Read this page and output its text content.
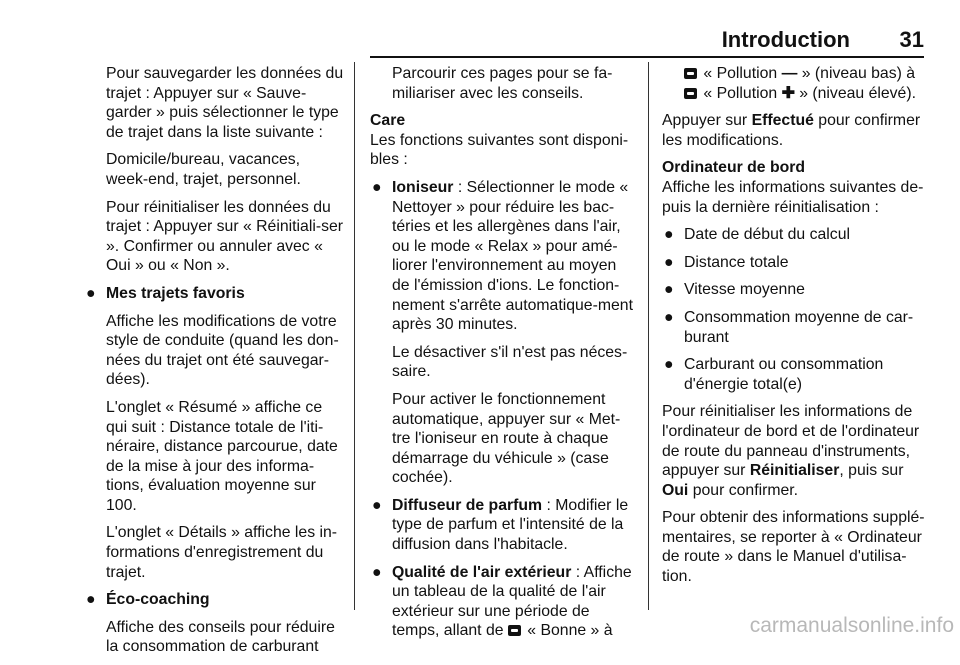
Introduction 31

Pour sauvegarder les données du trajet : Appuyer sur « Sauve-garder » puis sélectionner le type de trajet dans la liste suivante :

Domicile/bureau, vacances, week-end, trajet, personnel.

Pour réinitialiser les données du trajet : Appuyer sur « Réinitiali-ser ». Confirmer ou annuler avec « Oui » ou « Non ».

● Mes trajets favoris

Affiche les modifications de votre style de conduite (quand les don-nées du trajet ont été sauvegar-dées).

L'onglet « Résumé » affiche ce qui suit : Distance totale de l'iti-néraire, distance parcourue, date de la mise à jour des informa-tions, évaluation moyenne sur 100.

L'onglet « Détails » affiche les in-formations d'enregistrement du trajet.

● Éco-coaching

Affiche des conseils pour réduire la consommation de carburant

Parcourir ces pages pour se fa-miliariser avec les conseils.

Care
Les fonctions suivantes sont disponi-bles :

● Ioniseur : Sélectionner le mode « Nettoyer » pour réduire les bac-téries et les allergènes dans l'air, ou le mode « Relax » pour amé-liorer l'environnement au moyen de l'émission d'ions. Le fonction-nement s'arrête automatique-ment après 30 minutes.

Le désactiver s'il n'est pas néces-saire.

Pour activer le fonctionnement automatique, appuyer sur « Met-tre l'ioniseur en route à chaque démarrage du véhicule » (case cochée).

● Diffuseur de parfum : Modifier le type de parfum et l'intensité de la diffusion dans l'habitacle.
● Qualité de l'air extérieur : Affiche un tableau de la qualité de l'air extérieur sur une période de temps, allant de  « Bonne » à

« Pollution — » (niveau bas) à  « Pollution ✚ » (niveau élevé).

Appuyer sur Effectué pour confirmer les modifications.

Ordinateur de bord
Affiche les informations suivantes de-puis la dernière réinitialisation :

● Date de début du calcul
● Distance totale
● Vitesse moyenne
● Consommation moyenne de car-burant
● Carburant ou consommation d'énergie total(e)

Pour réinitialiser les informations de l'ordinateur de bord et de l'ordinateur de route du panneau d'instruments, appuyer sur Réinitialiser, puis sur Oui pour confirmer.

Pour obtenir des informations supplé-mentaires, se reporter à « Ordinateur de route » dans le Manuel d'utilisa-tion.

carmanualsonline.info
